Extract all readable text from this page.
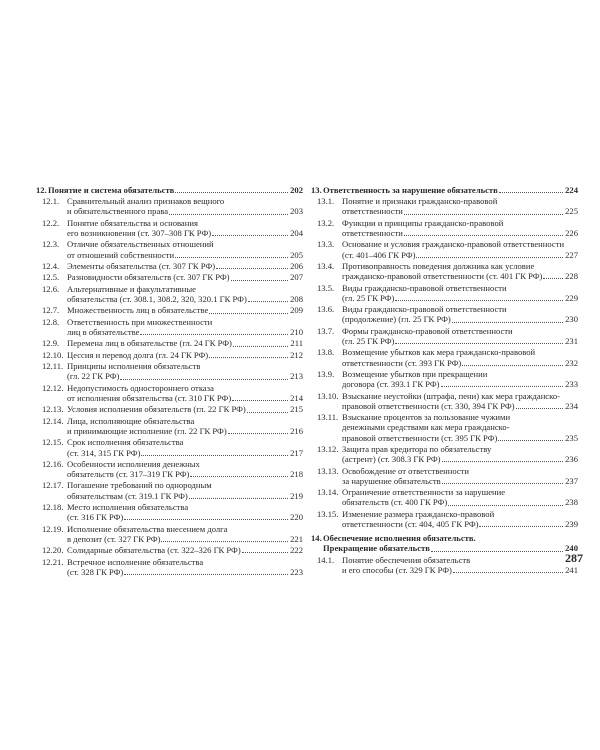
12. Понятие и система обязательств	202
12.1. Сравнительный анализ признаков вещного
и обязательственного права	203
12.2. Понятие обязательства и основания
его возникновения (ст. 307–308 ГК РФ)	204
12.3. Отличие обязательственных отношений
от отношений собственности	205
12.4. Элементы обязательства (ст. 307 ГК РФ)	206
12.5. Разновидности обязательств (ст. 307 ГК РФ)	207
12.6. Альтернативные и факультативные
обязательства (ст. 308.1, 308.2, 320, 320.1 ГК РФ)	208
12.7. Множественность лиц в обязательстве	209
12.8. Ответственность при множественности
лиц в обязательстве	210
12.9. Перемена лиц в обязательстве (гл. 24 ГК РФ)	211
12.10. Цессия и перевод долга (гл. 24 ГК РФ)	212
12.11. Принципы исполнения обязательств
(гл. 22 ГК РФ)	213
12.12. Недопустимость одностороннего отказа
от исполнения обязательства (ст. 310 ГК РФ)	214
12.13. Условия исполнения обязательств (гл. 22 ГК РФ)	215
12.14. Лица, исполняющие обязательства
и принимающие исполнение (гл. 22 ГК РФ)	216
12.15. Срок исполнения обязательства
(ст. 314, 315 ГК РФ)	217
12.16. Особенности исполнения денежных
обязательств (ст. 317–319 ГК РФ)	218
12.17. Погашение требований по однородным
обязательствам (ст. 319.1 ГК РФ)	219
12.18. Место исполнения обязательства
(ст. 316 ГК РФ)	220
12.19. Исполнение обязательства внесением долга
в депозит (ст. 327 ГК РФ)	221
12.20. Солидарные обязательства (ст. 322–326 ГК РФ)	222
12.21. Встречное исполнение обязательства
(ст. 328 ГК РФ)	223
13. Ответственность за нарушение обязательств	224
13.1. Понятие и признаки гражданско-правовой
ответственности	225
13.2. Функции и принципы гражданско-правовой
ответственности	226
13.3. Основание и условия гражданско-правовой ответственности
(ст. 401–406 ГК РФ)	227
13.4. Противоправность поведения должника как условие
гражданско-правовой ответственности (ст. 401 ГК РФ)	228
13.5. Виды гражданско-правовой ответственности
(гл. 25 ГК РФ)	229
13.6. Виды гражданско-правовой ответственности
(продолжение) (гл. 25 ГК РФ)	230
13.7. Формы гражданско-правовой ответственности
(гл. 25 ГК РФ)	231
13.8. Возмещение убытков как мера гражданско-правовой
ответственности (ст. 393 ГК РФ)	232
13.9. Возмещение убытков при прекращении
договора (ст. 393.1 ГК РФ)	233
13.10. Взыскание неустойки (штрафа, пени) как мера гражданско-
правовой ответственности (ст. 330, 394 ГК РФ)	234
13.11. Взыскание процентов за пользование чужими
денежными средствами как мера гражданско-
правовой ответственности (ст. 395 ГК РФ)	235
13.12. Защита прав кредитора по обязательству
(астрент) (ст. 308.3 ГК РФ)	236
13.13. Освобождение от ответственности
за нарушение обязательств	237
13.14. Ограничение ответственности за нарушение
обязательств (ст. 400 ГК РФ)	238
13.15. Изменение размера гражданско-правовой
ответственности (ст. 404, 405 ГК РФ)	239
14. Обеспечение исполнения обязательств.
Прекращение обязательств	240
14.1. Понятие обеспечения обязательств
и его способы (ст. 329 ГК РФ)	241
287
